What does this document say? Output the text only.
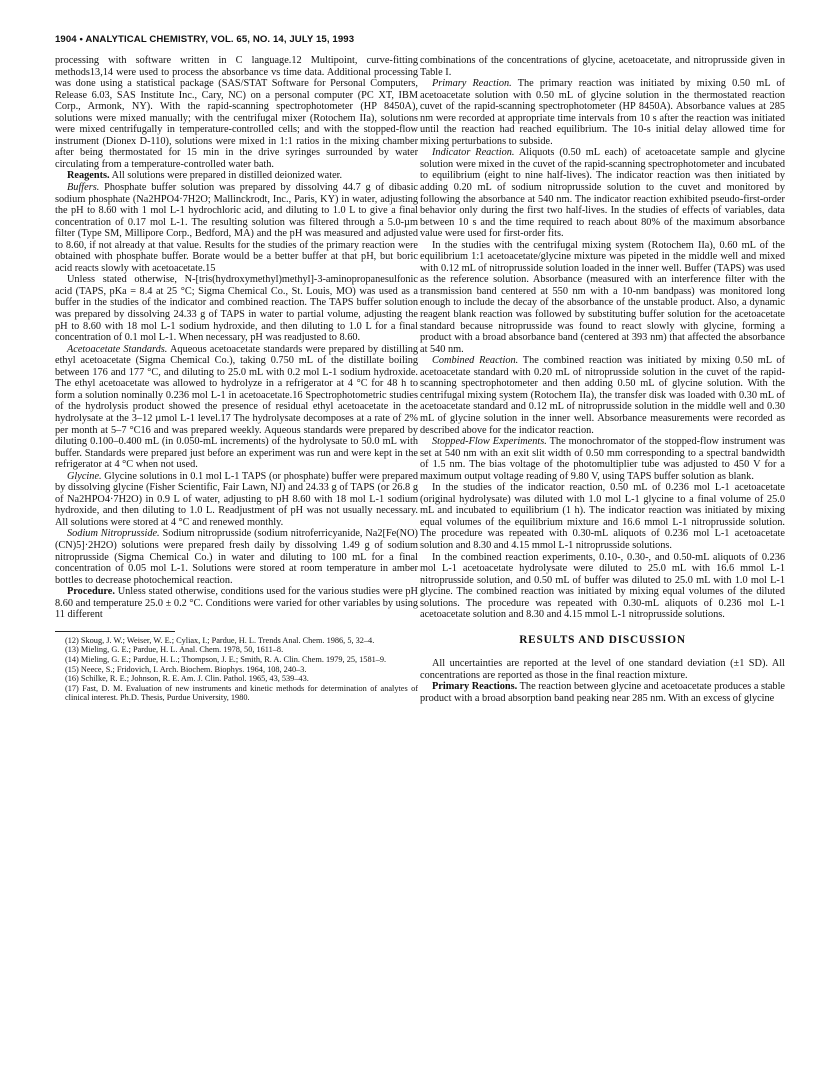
1904 • ANALYTICAL CHEMISTRY, VOL. 65, NO. 14, JULY 15, 1993

processing with software written in C language.12 Multipoint, curve-fitting methods13,14 were used to process the absorbance vs time data. Additional processing was done using a statistical package (SAS/STAT Software for Personal Computers, Release 6.03, SAS Institute Inc., Cary, NC) on a personal computer (PC XT, IBM Corp., Armonk, NY). With the rapid-scanning spectrophotometer (HP 8450A), solutions were mixed manually; with the centrifugal mixer (Rotochem IIa), solutions were mixed centrifugally in temperature-controlled cells; and with the stopped-flow instrument (Dionex D-110), solutions were mixed in 1:1 ratios in the mixing chamber after being thermostated for 15 min in the drive syringes surrounded by water circulating from a temperature-controlled water bath.

Reagents. All solutions were prepared in distilled deionized water.

Buffers. Phosphate buffer solution was prepared by dissolving 44.7 g of dibasic sodium phosphate (Na2HPO4·7H2O; Mallinckrodt, Inc., Paris, KY) in water, adjusting the pH to 8.60 with 1 mol L-1 hydrochloric acid, and diluting to 1.0 L to give a final concentration of 0.17 mol L-1. The resulting solution was filtered through a 5.0-µm filter (Type SM, Millipore Corp., Bedford, MA) and the pH was measured and adjusted to 8.60, if not already at that value. Results for the studies of the primary reaction were obtained with phosphate buffer. Borate would be a better buffer at that pH, but boric acid reacts slowly with acetoacetate.15

Unless stated otherwise, N-[tris(hydroxymethyl)methyl]-3-aminopropanesulfonic acid (TAPS, pKa = 8.4 at 25 °C; Sigma Chemical Co., St. Louis, MO) was used as a buffer in the studies of the indicator and combined reaction. The TAPS buffer solution was prepared by dissolving 24.33 g of TAPS in water to partial volume, adjusting the pH to 8.60 with 18 mol L-1 sodium hydroxide, and then diluting to 1.0 L for a final concentration of 0.1 mol L-1. When necessary, pH was readjusted to 8.60.

Acetoacetate Standards. Aqueous acetoacetate standards were prepared by distilling ethyl acetoacetate (Sigma Chemical Co.), taking 0.750 mL of the distillate boiling between 176 and 177 °C, and diluting to 25.0 mL with 0.2 mol L-1 sodium hydroxide. The ethyl acetoacetate was allowed to hydrolyze in a refrigerator at 4 °C for 48 h to form a solution nominally 0.236 mol L-1 in acetoacetate.16 Spectrophotometric studies of the hydrolysis product showed the presence of residual ethyl acetoacetate in the hydrolysate at the 3–12 µmol L-1 level.17 The hydrolysate decomposes at a rate of 2% per month at 5–7 °C16 and was prepared weekly. Aqueous standards were prepared by diluting 0.100–0.400 mL (in 0.050-mL increments) of the hydrolysate to 50.0 mL with buffer. Standards were prepared just before an experiment was run and were kept in the refrigerator at 4 °C when not used.

Glycine. Glycine solutions in 0.1 mol L-1 TAPS (or phosphate) buffer were prepared by dissolving glycine (Fisher Scientific, Fair Lawn, NJ) and 24.33 g of TAPS (or 26.8 g of Na2HPO4·7H2O) in 0.9 L of water, adjusting to pH 8.60 with 18 mol L-1 sodium hydroxide, and then diluting to 1.0 L. Readjustment of pH was not usually necessary. All solutions were stored at 4 °C and renewed monthly.

Sodium Nitroprusside. Sodium nitroprusside (sodium nitroferricyanide, Na2[Fe(NO)(CN)5]·2H2O) solutions were prepared fresh daily by dissolving 1.49 g of sodium nitroprusside (Sigma Chemical Co.) in water and diluting to 100 mL for a final concentration of 0.05 mol L-1. Solutions were stored at room temperature in amber bottles to decrease photochemical reaction.

Procedure. Unless stated otherwise, conditions used for the various studies were pH 8.60 and temperature 25.0 ± 0.2 °C. Conditions were varied for other variables by using 11 different

(12) Skoug, J. W.; Weiser, W. E.; Cyliax, I.; Pardue, H. L. Trends Anal. Chem. 1986, 5, 32–4.

(13) Mieling, G. E.; Pardue, H. L. Anal. Chem. 1978, 50, 1611–8.

(14) Mieling, G. E.; Pardue, H. L.; Thompson, J. E.; Smith, R. A. Clin. Chem. 1979, 25, 1581–9.

(15) Neece, S.; Fridovich, I. Arch. Biochem. Biophys. 1964, 108, 240–3.

(16) Schilke, R. E.; Johnson, R. E. Am. J. Clin. Pathol. 1965, 43, 539–43.

(17) Fast, D. M. Evaluation of new instruments and kinetic methods for determination of analytes of clinical interest. Ph.D. Thesis, Purdue University, 1980.

combinations of the concentrations of glycine, acetoacetate, and nitroprusside given in Table I.

Primary Reaction. The primary reaction was initiated by mixing 0.50 mL of acetoacetate solution with 0.50 mL of glycine solution in the thermostated reaction cuvet of the rapid-scanning spectrophotometer (HP 8450A). Absorbance values at 285 nm were recorded at appropriate time intervals from 10 s after the reaction was initiated until the reaction had reached equilibrium. The 10-s initial delay allowed time for mixing perturbations to subside.

Indicator Reaction. Aliquots (0.50 mL each) of acetoacetate sample and glycine solution were mixed in the cuvet of the rapid-scanning spectrophotometer and incubated to equilibrium (eight to nine half-lives). The indicator reaction was then initiated by adding 0.20 mL of sodium nitroprusside solution to the cuvet and monitored by following the absorbance at 540 nm. The indicator reaction exhibited pseudo-first-order behavior only during the first two half-lives. In the studies of effects of variables, data between 10 s and the time required to reach about 80% of the maximum absorbance value were used for first-order fits.

In the studies with the centrifugal mixing system (Rotochem IIa), 0.60 mL of the equilibrium 1:1 acetoacetate/glycine mixture was pipeted in the middle well and mixed with 0.12 mL of nitroprusside solution loaded in the inner well. Buffer (TAPS) was used as the reference solution. Absorbance (measured with an interference filter with the transmission band centered at 550 nm with a 10-nm bandpass) was monitored long enough to include the decay of the absorbance of the unstable product. Also, a dynamic reagent blank reaction was followed by substituting buffer solution for the acetoacetate standard because nitroprusside was found to react slowly with glycine, forming a product with a broad absorbance band (centered at 393 nm) that affected the absorbance at 540 nm.

Combined Reaction. The combined reaction was initiated by mixing 0.50 mL of acetoacetate standard with 0.20 mL of nitroprusside solution in the cuvet of the rapid-scanning spectrophotometer and then adding 0.50 mL of glycine solution. With the centrifugal mixing system (Rotochem IIa), the transfer disk was loaded with 0.30 mL of acetoacetate standard and 0.12 mL of nitroprusside solution in the middle well and 0.30 mL of glycine solution in the inner well. Absorbance measurements were recorded as described above for the indicator reaction.

Stopped-Flow Experiments. The monochromator of the stopped-flow instrument was set at 540 nm with an exit slit width of 0.50 mm corresponding to a spectral bandwidth of 1.5 nm. The bias voltage of the photomultiplier tube was adjusted to 450 V for a maximum output voltage reading of 9.80 V, using TAPS buffer solution as blank.

In the studies of the indicator reaction, 0.50 mL of 0.236 mol L-1 acetoacetate (original hydrolysate) was diluted with 1.0 mol L-1 glycine to a final volume of 25.0 mL and incubated to equilibrium (1 h). The indicator reaction was initiated by mixing equal volumes of the equilibrium mixture and 16.6 mmol L-1 nitroprusside solution. The procedure was repeated with 0.30-mL aliquots of 0.236 mol L-1 acetoacetate solution and 8.30 and 4.15 mmol L-1 nitroprusside solutions.

In the combined reaction experiments, 0.10-, 0.30-, and 0.50-mL aliquots of 0.236 mol L-1 acetoacetate hydrolysate were diluted to 25.0 mL with 16.6 mmol L-1 nitroprusside solution, and 0.50 mL of buffer was diluted to 25.0 mL with 1.0 mol L-1 glycine. The combined reaction was initiated by mixing equal volumes of the diluted solutions. The procedure was repeated with 0.30-mL aliquots of 0.236 mol L-1 acetoacetate solution and 8.30 and 4.15 mmol L-1 nitroprusside solutions.

RESULTS AND DISCUSSION

All uncertainties are reported at the level of one standard deviation (±1 SD). All concentrations are reported as those in the final reaction mixture.

Primary Reactions. The reaction between glycine and acetoacetate produces a stable product with a broad absorption band peaking near 285 nm. With an excess of glycine
